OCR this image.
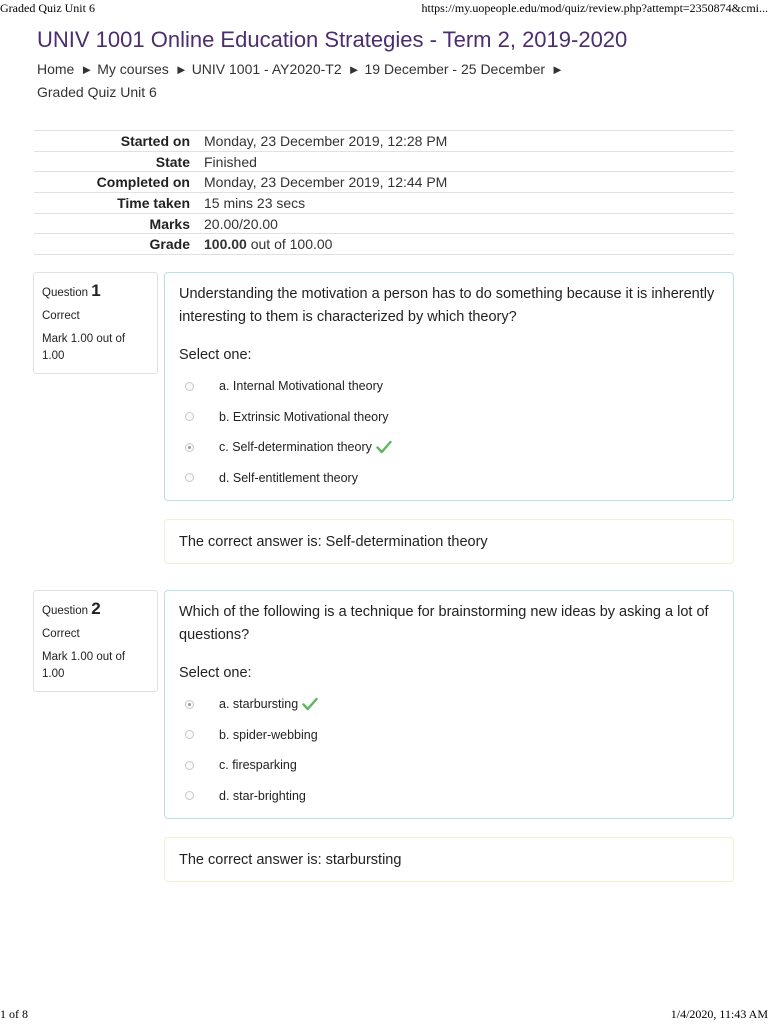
Graded Quiz Unit 6	https://my.uopeople.edu/mod/quiz/review.php?attempt=2350874&cmi...
UNIV 1001 Online Education Strategies - Term 2, 2019-2020
Home ► My courses ► UNIV 1001 - AY2020-T2 ► 19 December - 25 December ►
Graded Quiz Unit 6
Started on	Monday, 23 December 2019, 12:28 PM
State	Finished
Completed on	Monday, 23 December 2019, 12:44 PM
Time taken	15 mins 23 secs
Marks	20.00/20.00
Grade	100.00 out of 100.00
Question 1
Correct
Mark 1.00 out of 1.00
Understanding the motivation a person has to do something because it is inherently interesting to them is characterized by which theory?
Select one:
a. Internal Motivational theory
b. Extrinsic Motivational theory
c. Self-determination theory
d. Self-entitlement theory
The correct answer is: Self-determination theory
Question 2
Correct
Mark 1.00 out of 1.00
Which of the following is a technique for brainstorming new ideas by asking a lot of questions?
Select one:
a. starbursting
b. spider-webbing
c. firesparking
d. star-brighting
The correct answer is: starbursting
1 of 8	1/4/2020, 11:43 AM
